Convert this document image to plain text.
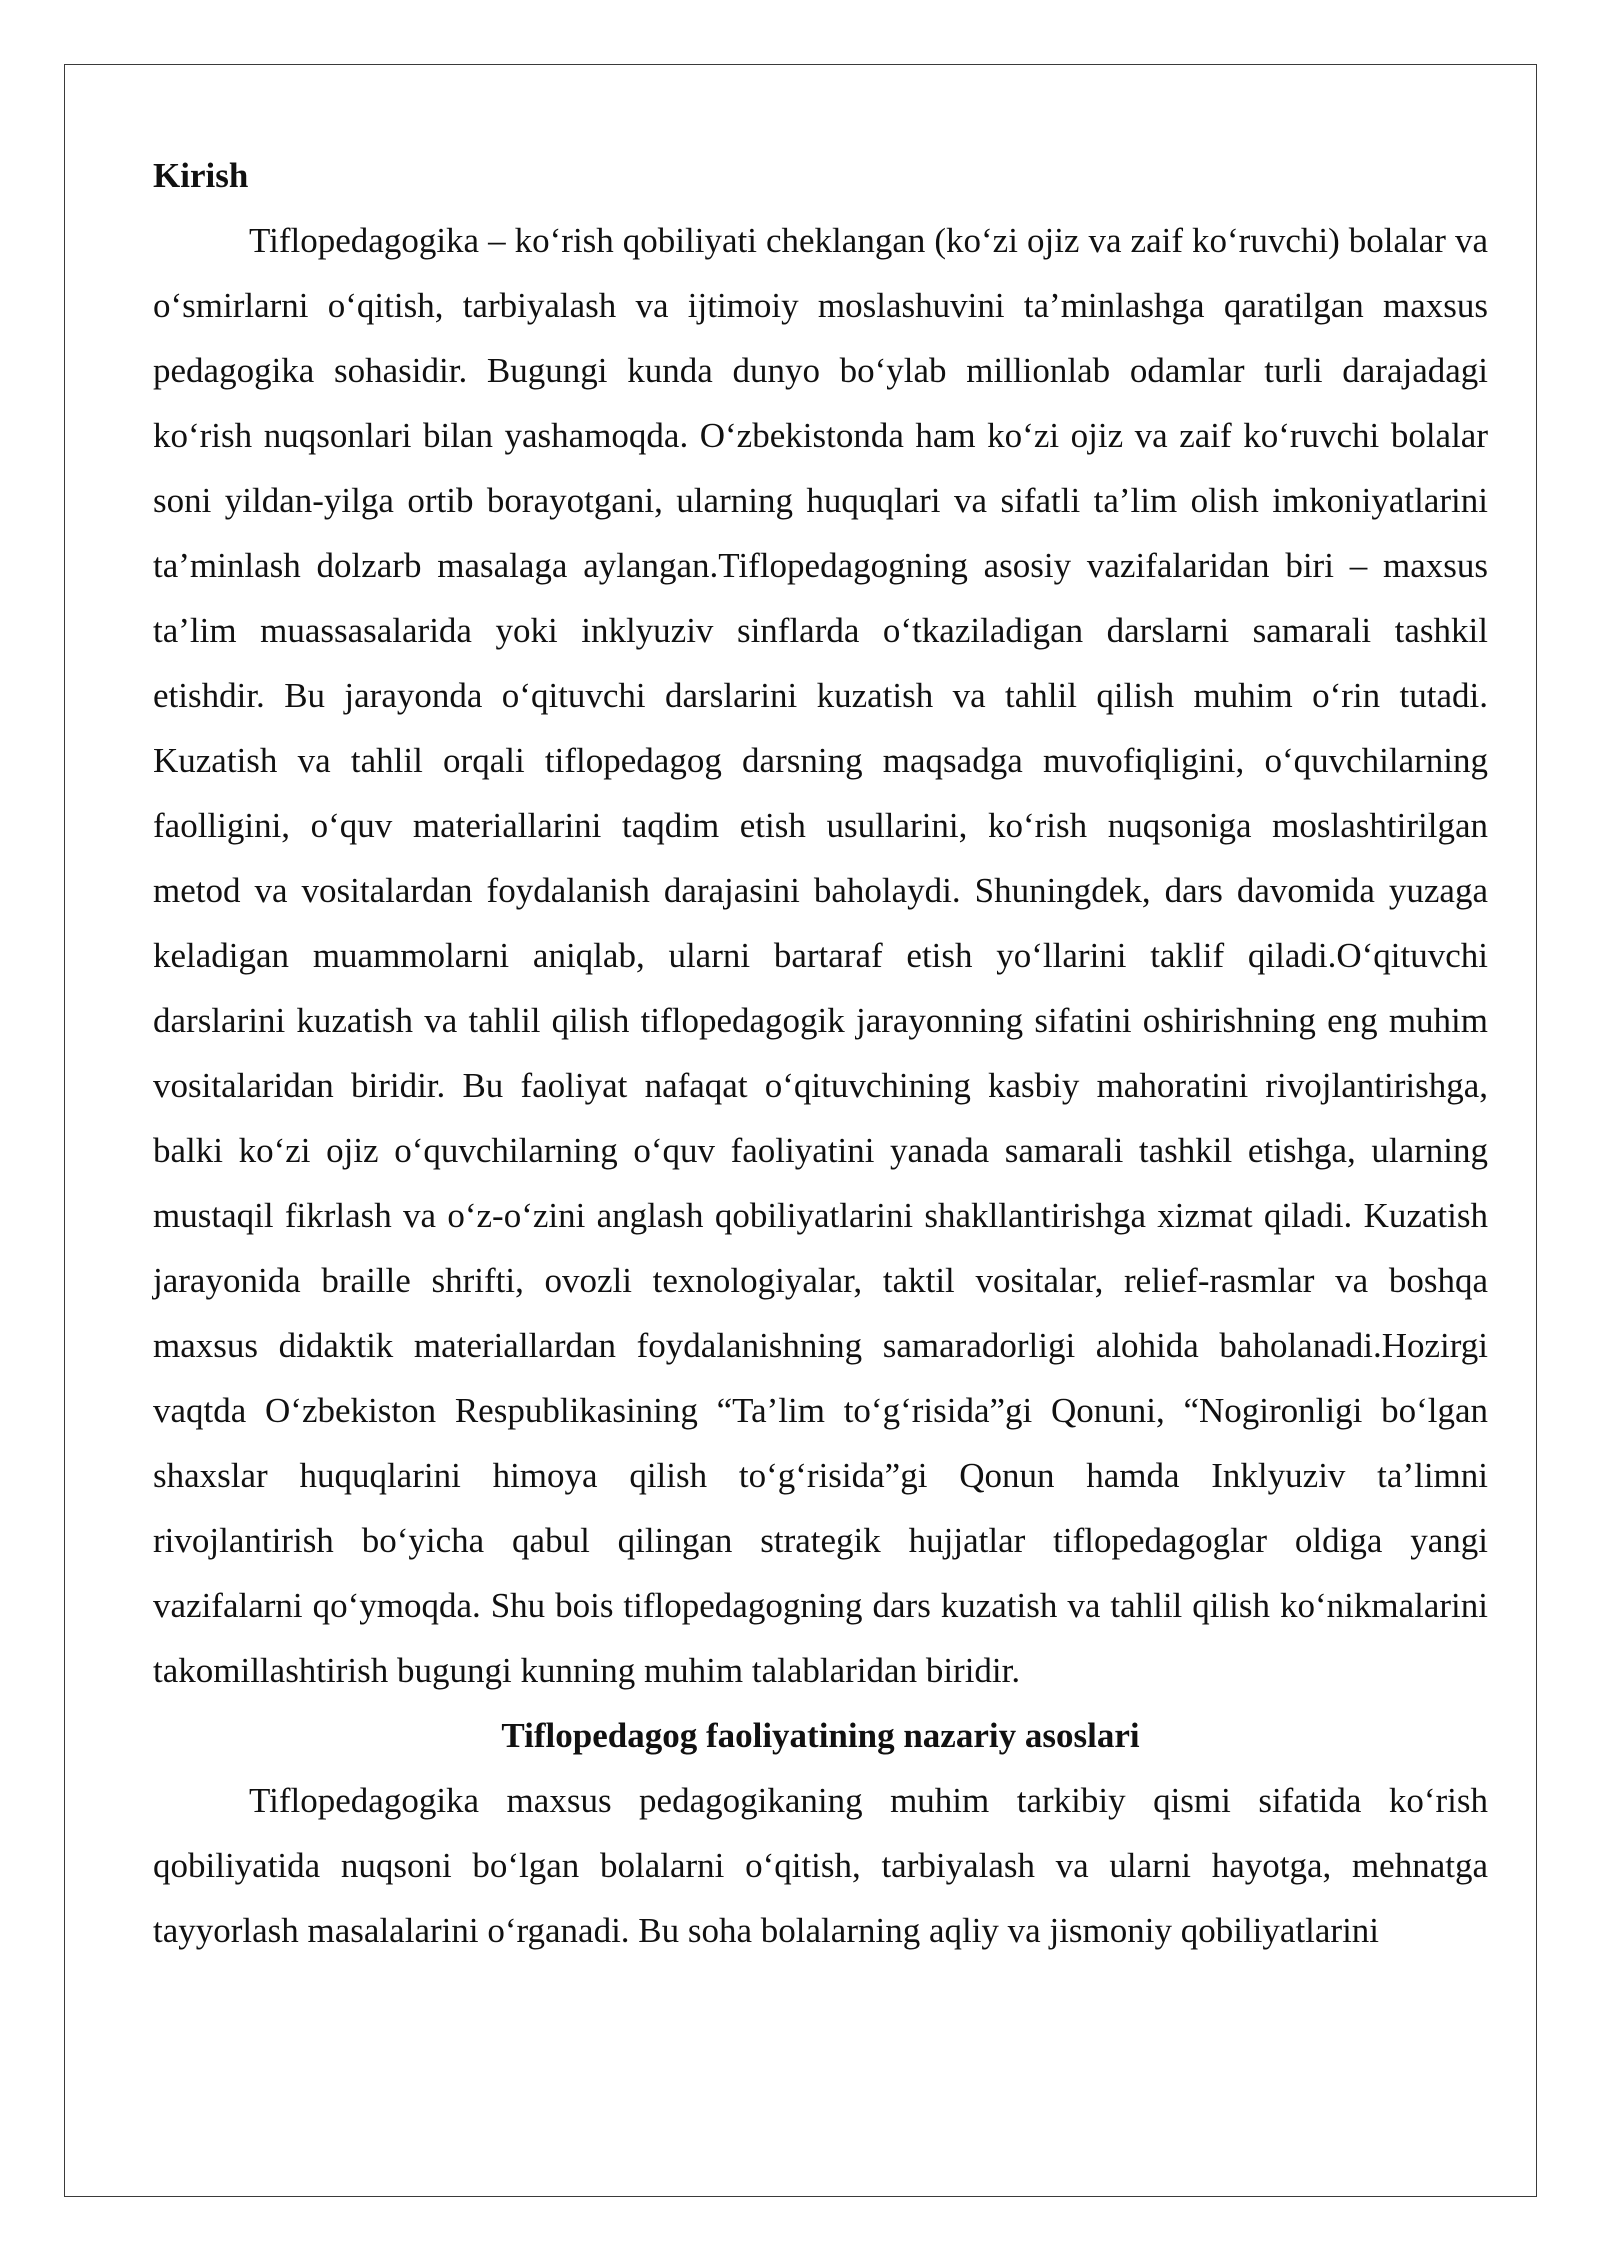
Kirish

Tiflopedagogika – ko‘rish qobiliyati cheklangan (ko‘zi ojiz va zaif ko‘ruvchi) bolalar va o‘smirlarni o‘qitish, tarbiyalash va ijtimoiy moslashuvini ta’minlashga qaratilgan maxsus pedagogika sohasidir. Bugungi kunda dunyo bo‘ylab millionlab odamlar turli darajadagi ko‘rish nuqsonlari bilan yashamoqda. O‘zbekistonda ham ko‘zi ojiz va zaif ko‘ruvchi bolalar soni yildan-yilga ortib borayotgani, ularning huquqlari va sifatli ta’lim olish imkoniyatlarini ta’minlash dolzarb masalaga aylangan.Tiflopedagogning asosiy vazifalaridan biri – maxsus ta’lim muassasalarida yoki inklyuziv sinflarda o‘tkaziladigan darslarni samarali tashkil etishdir. Bu jarayonda o‘qituvchi darslarini kuzatish va tahlil qilish muhim o‘rin tutadi. Kuzatish va tahlil orqali tiflopedagog darsning maqsadga muvofiqligini, o‘quvchilarning faolligini, o‘quv materiallarini taqdim etish usullarini, ko‘rish nuqsoniga moslashtirilgan metod va vositalardan foydalanish darajasini baholaydi. Shuningdek, dars davomida yuzaga keladigan muammolarni aniqlab, ularni bartaraf etish yo‘llarini taklif qiladi.O‘qituvchi darslarini kuzatish va tahlil qilish tiflopedagogik jarayonning sifatini oshirishning eng muhim vositalaridan biridir. Bu faoliyat nafaqat o‘qituvchining kasbiy mahoratini rivojlantirishga, balki ko‘zi ojiz o‘quvchilarning o‘quv faoliyatini yanada samarali tashkil etishga, ularning mustaqil fikrlash va o‘z-o‘zini anglash qobiliyatlarini shakllantirishga xizmat qiladi. Kuzatish jarayonida braille shrifti, ovozli texnologiyalar, taktil vositalar, relief-rasmlar va boshqa maxsus didaktik materiallardan foydalanishning samaradorligi alohida baholanadi.Hozirgi vaqtda O‘zbekiston Respublikasining “Ta’lim to‘g‘risida”gi Qonuni, “Nogironligi bo‘lgan shaxslar huquqlarini himoya qilish to‘g‘risida”gi Qonun hamda Inklyuziv ta’limni rivojlantirish bo‘yicha qabul qilingan strategik hujjatlar tiflopedagoglar oldiga yangi vazifalarni qo‘ymoqda. Shu bois tiflopedagogning dars kuzatish va tahlil qilish ko‘nikmalarini takomillashtirish bugungi kunning muhim talablaridan biridir.

Tiflopedagog faoliyatining nazariy asoslari

Tiflopedagogika maxsus pedagogikaning muhim tarkibiy qismi sifatida ko‘rish qobiliyatida nuqsoni bo‘lgan bolalarni o‘qitish, tarbiyalash va ularni hayotga, mehnatga tayyorlash masalalarini o‘rganadi. Bu soha bolalarning aqliy va jismoniy qobiliyatlarini
